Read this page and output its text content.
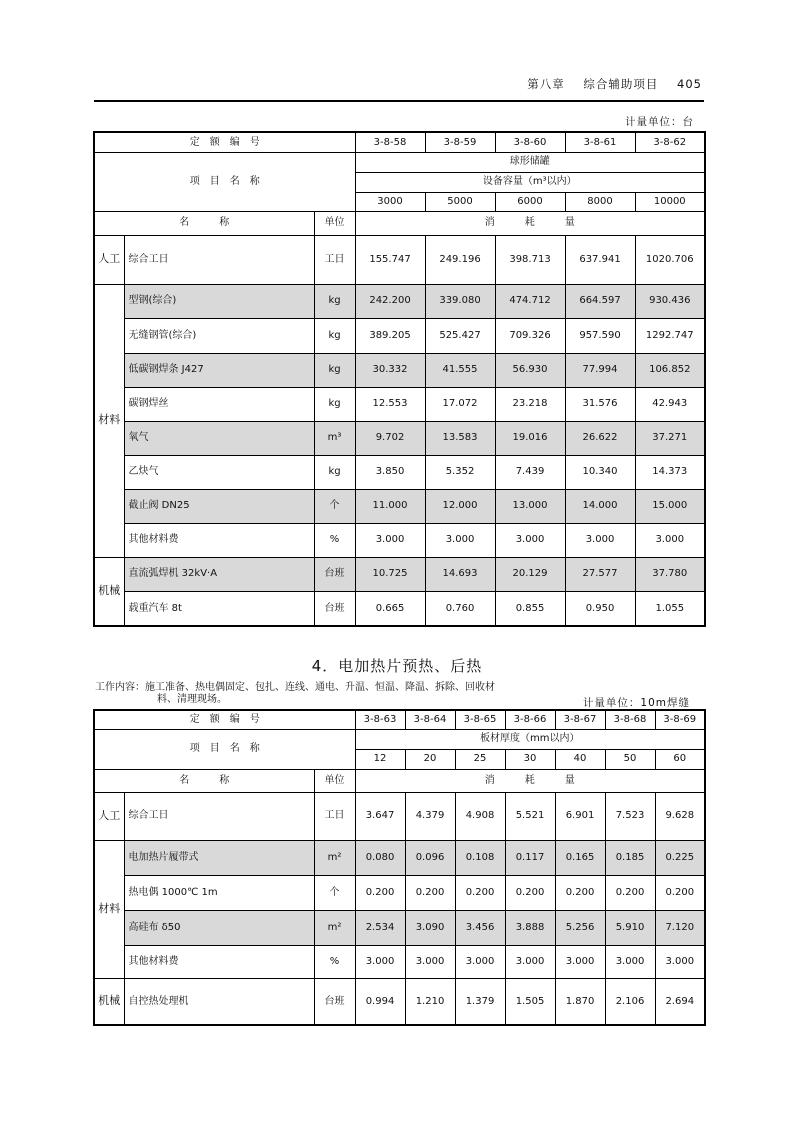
第八章 综合辅助项目 405
计量单位：台
定　额　编　号			3-8-58	3-8-59	3-8-60	3-8-61	3-8-62
项　目　名　称			球形储罐				
			设备容量（m³以内）				
			3000	5000	6000	8000	10000
名　　　称		单位	消　　　耗　　　量				
人工	综合工日	工日	155.747	249.196	398.713	637.941	1020.706
材料	型钢(综合)	kg	242.200	339.080	474.712	664.597	930.436
	无缝钢管(综合)	kg	389.205	525.427	709.326	957.590	1292.747
	低碳钢焊条 J427	kg	30.332	41.555	56.930	77.994	106.852
	碳钢焊丝	kg	12.553	17.072	23.218	31.576	42.943
	氧气	m³	9.702	13.583	19.016	26.622	37.271
	乙炔气	kg	3.850	5.352	7.439	10.340	14.373
	截止阀 DN25	个	11.000	12.000	13.000	14.000	15.000
	其他材料费	%	3.000	3.000	3.000	3.000	3.000
机械	直流弧焊机 32kV·A	台班	10.725	14.693	20.129	27.577	37.780
	载重汽车 8t	台班	0.665	0.760	0.855	0.950	1.055
4．电加热片预热、后热
工作内容：施工准备、热电偶固定、包扎、连线、通电、升温、恒温、降温、拆除、回收材
料、清理现场。	计量单位：10m焊缝
定　额　编　号			3-8-63	3-8-64	3-8-65	3-8-66	3-8-67	3-8-68	3-8-69
项　目　名　称			板材厚度（mm以内）						
			12	20	25	30	40	50	60
名　　　称		单位	消　　　耗　　　量						
人工	综合工日	工日	3.647	4.379	4.908	5.521	6.901	7.523	9.628
材料	电加热片履带式	m²	0.080	0.096	0.108	0.117	0.165	0.185	0.225
	热电偶 1000℃ 1m	个	0.200	0.200	0.200	0.200	0.200	0.200	0.200
	高硅布 δ50	m²	2.534	3.090	3.456	3.888	5.256	5.910	7.120
	其他材料费	%	3.000	3.000	3.000	3.000	3.000	3.000	3.000
机械	自控热处理机	台班	0.994	1.210	1.379	1.505	1.870	2.106	2.694
